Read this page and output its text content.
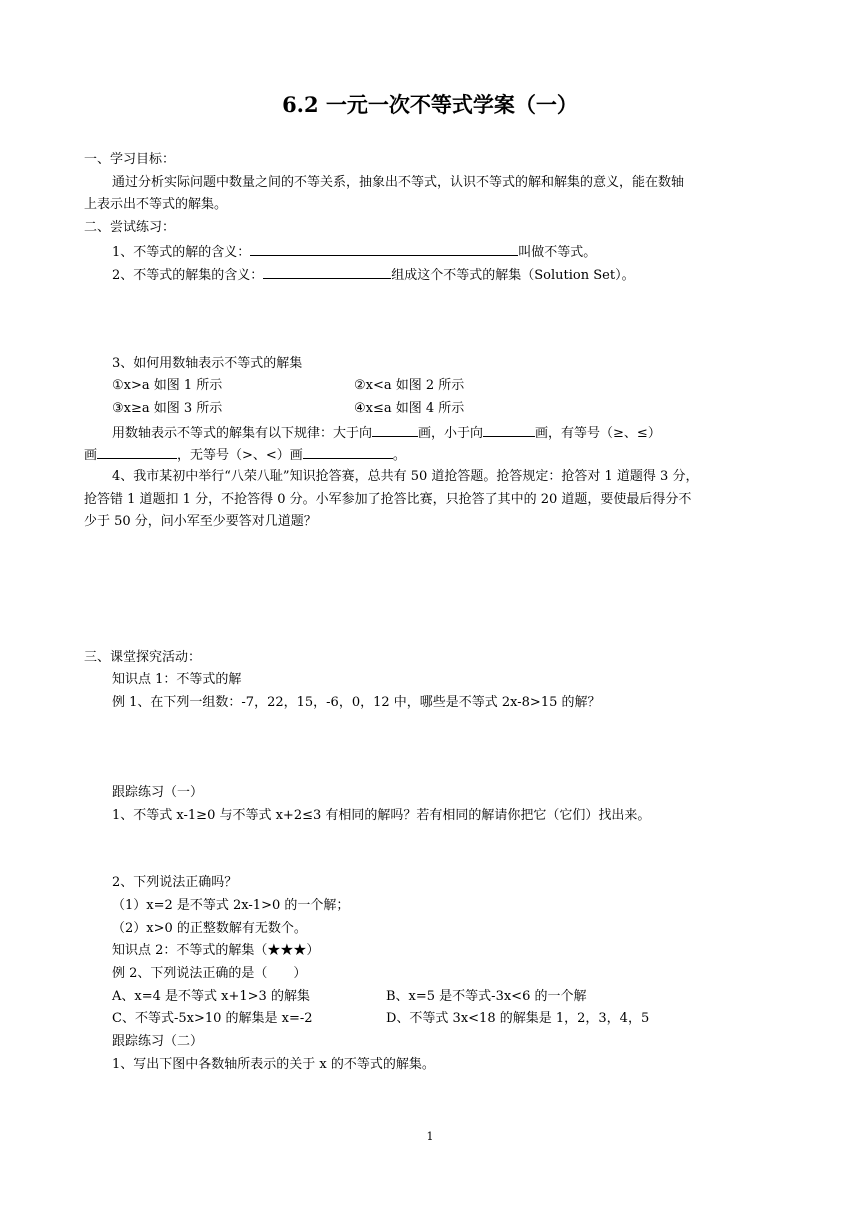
6.2 一元一次不等式学案（一）
一、学习目标：
通过分析实际问题中数量之间的不等关系，抽象出不等式，认识不等式的解和解集的意义，能在数轴
上表示出不等式的解集。
二、尝试练习：
1、不等式的解的含义：	叫做不等式。
2、不等式的解集的含义：	组成这个不等式的解集（Solution Set）。
3、如何用数轴表示不等式的解集
①x>a 如图 1 所示	②x<a 如图 2 所示
③x≥a 如图 3 所示	④x≤a 如图 4 所示
用数轴表示不等式的解集有以下规律：大于向	画，小于向	画，有等号（≥、≤）
画	，无等号（>、<）画	。
4、我市某初中举行“八荣八耻”知识抢答赛，总共有 50 道抢答题。抢答规定：抢答对 1 道题得 3 分，
抢答错 1 道题扣 1 分，不抢答得 0 分。小军参加了抢答比赛，只抢答了其中的 20 道题，要使最后得分不
少于 50 分，问小军至少要答对几道题？
三、课堂探究活动：
知识点 1：不等式的解
例 1、在下列一组数：-7，22，15，-6，0，12 中，哪些是不等式 2x-8>15 的解？
跟踪练习（一）
1、不等式 x-1≥0 与不等式 x+2≤3 有相同的解吗？若有相同的解请你把它（它们）找出来。
2、下列说法正确吗？
（1）x=2 是不等式 2x-1>0 的一个解；
（2）x>0 的正整数解有无数个。
知识点 2：不等式的解集（★★★）
例 2、下列说法正确的是（　　）
A、x=4 是不等式 x+1>3 的解集	B、x=5 是不等式-3x<6 的一个解
C、不等式-5x>10 的解集是 x=-2	D、不等式 3x<18 的解集是 1，2，3，4，5
跟踪练习（二）
1、写出下图中各数轴所表示的关于 x 的不等式的解集。
1
